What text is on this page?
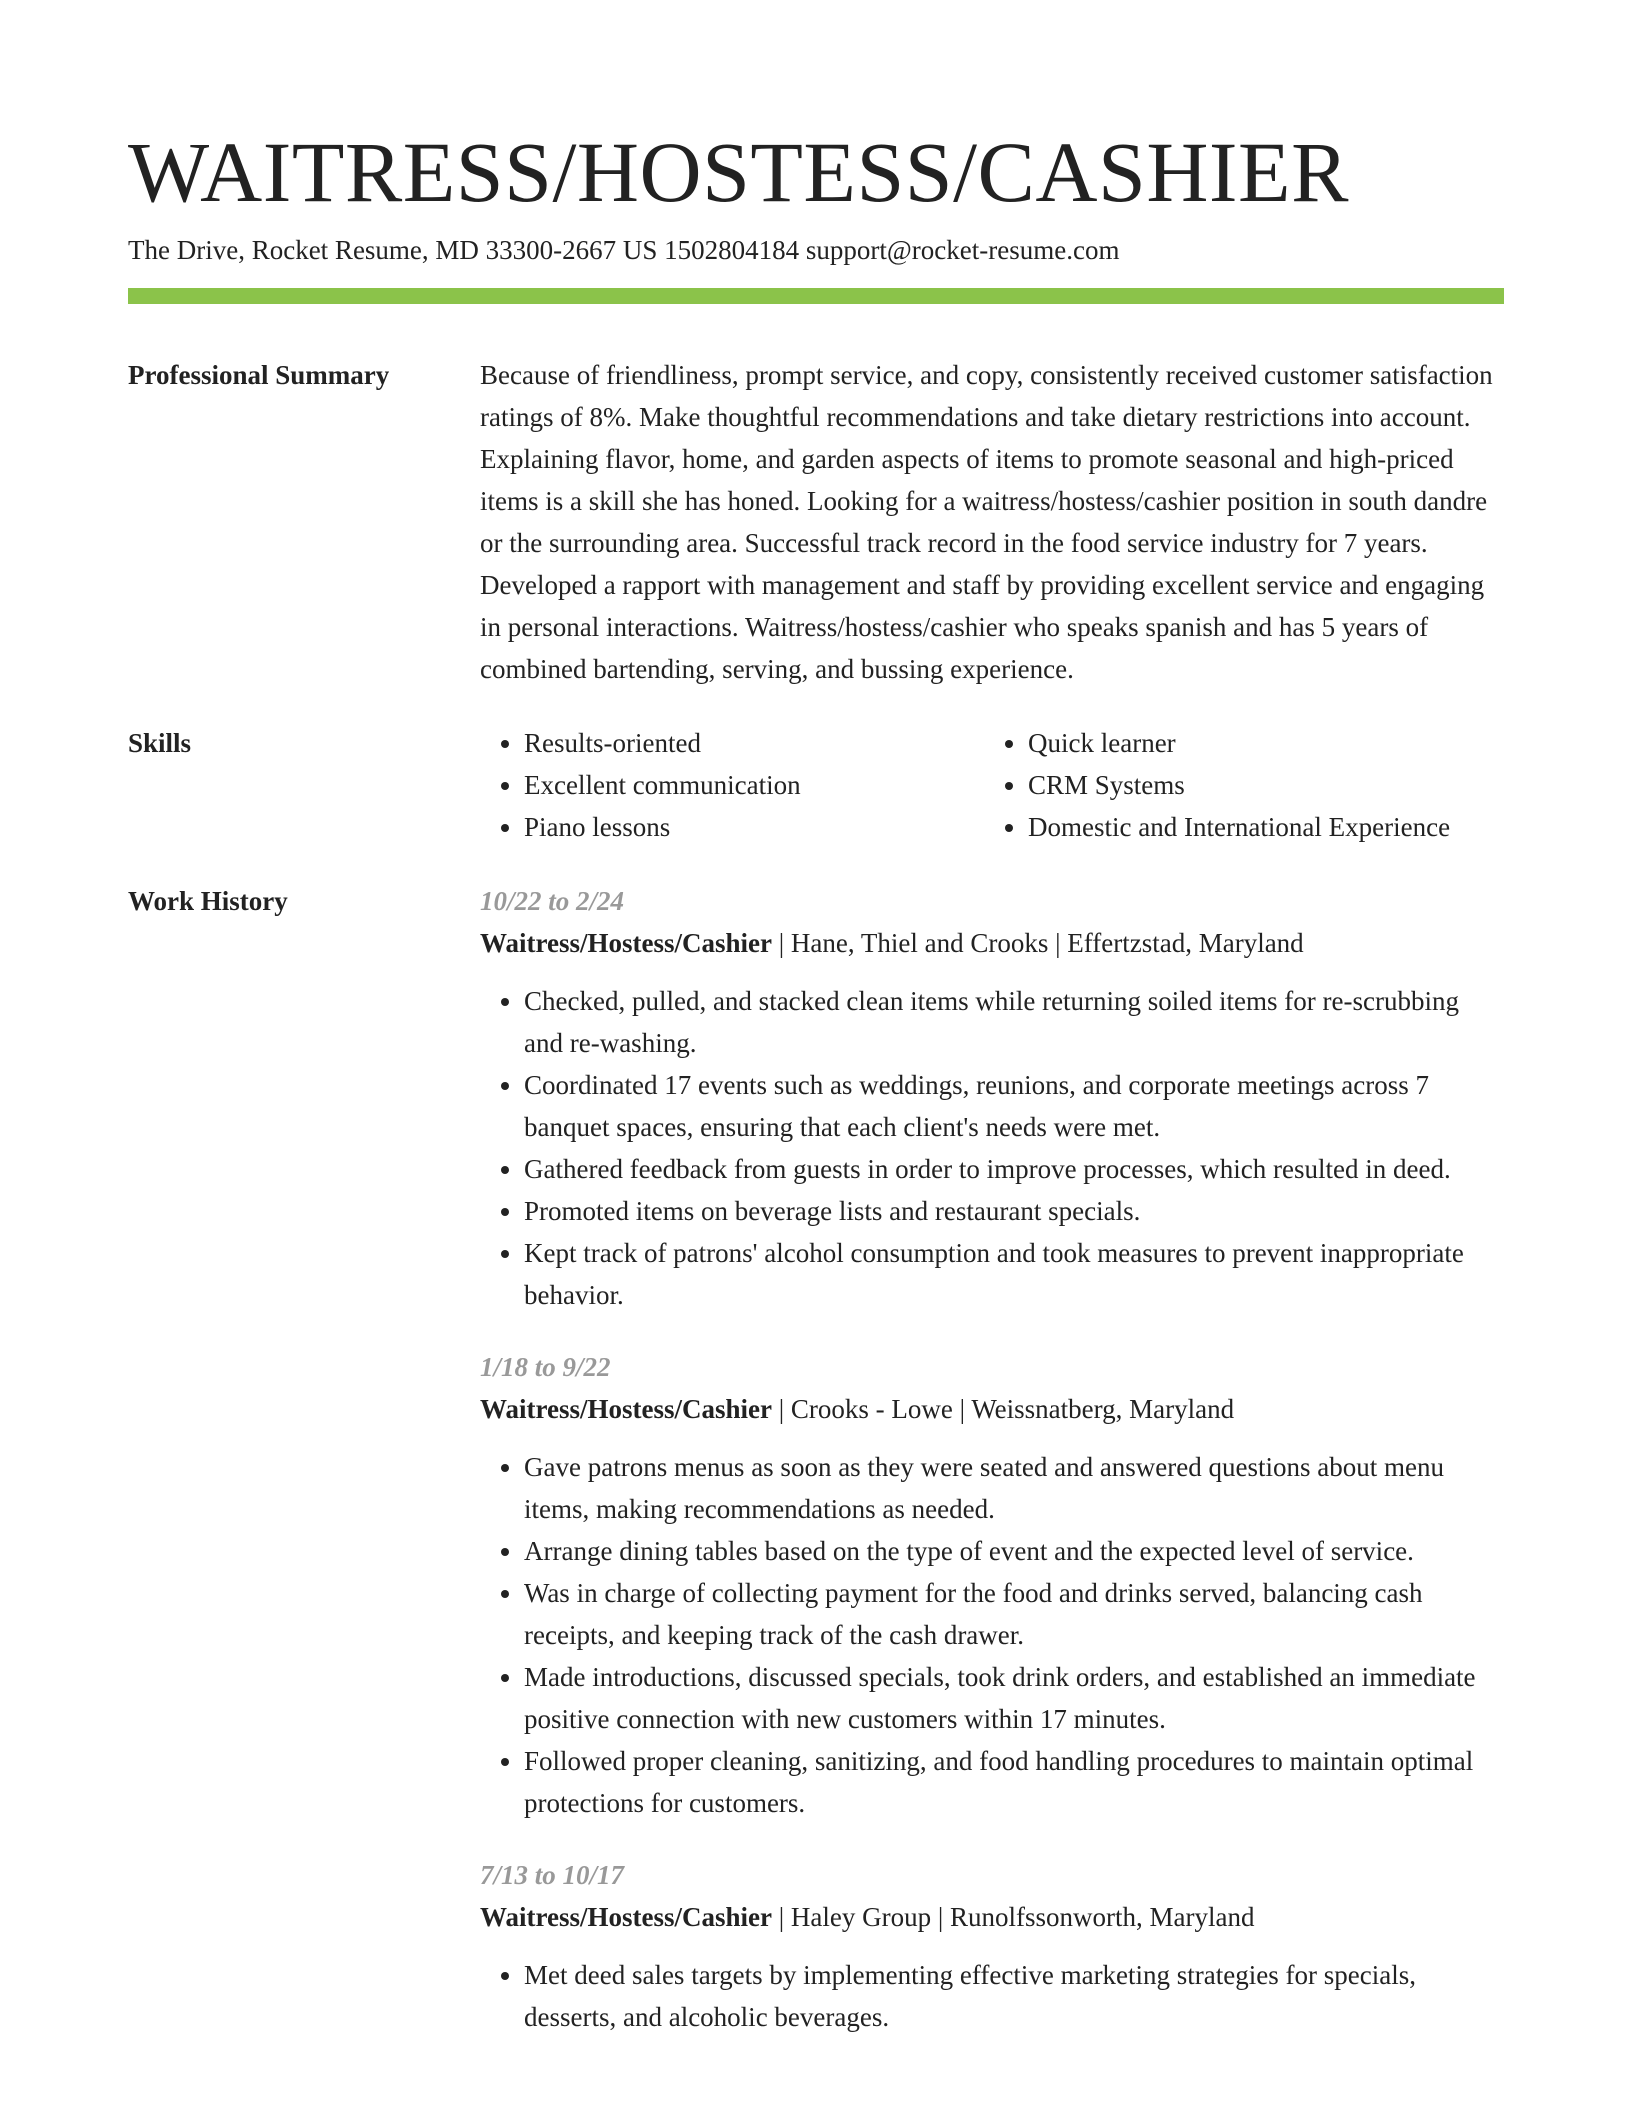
WAITRESS/HOSTESS/CASHIER
The Drive, Rocket Resume, MD 33300-2667 US 1502804184 support@rocket-resume.com
Professional Summary	Because of friendliness, prompt service, and copy, consistently received customer satisfaction ratings of 8%. Make thoughtful recommendations and take dietary restrictions into account. Explaining flavor, home, and garden aspects of items to promote seasonal and high-priced items is a skill she has honed. Looking for a waitress/hostess/cashier position in south dandre or the surrounding area. Successful track record in the food service industry for 7 years. Developed a rapport with management and staff by providing excellent service and engaging in personal interactions. Waitress/hostess/cashier who speaks spanish and has 5 years of combined bartending, serving, and bussing experience.

Skills
•	Results-oriented
• Excellent communication
• Piano lessons
• Quick learner
• CRM Systems
• Domestic and International Experience
Work History	10/22 to 2/24
Waitress/Hostess/Cashier | Hane, Thiel and Crooks | Effertzstad, Maryland
• Checked, pulled, and stacked clean items while returning soiled items for re-scrubbing and re-washing.
• Coordinated 17 events such as weddings, reunions, and corporate meetings across 7 banquet spaces, ensuring that each client's needs were met.
• Gathered feedback from guests in order to improve processes, which resulted in deed.
• Promoted items on beverage lists and restaurant specials.
• Kept track of patrons' alcohol consumption and took measures to prevent inappropriate behavior.
1/18 to 9/22
Waitress/Hostess/Cashier | Crooks - Lowe | Weissnatberg, Maryland
• Gave patrons menus as soon as they were seated and answered questions about menu items, making recommendations as needed.
• Arrange dining tables based on the type of event and the expected level of service.
• Was in charge of collecting payment for the food and drinks served, balancing cash receipts, and keeping track of the cash drawer.
• Made introductions, discussed specials, took drink orders, and established an immediate positive connection with new customers within 17 minutes.
• Followed proper cleaning, sanitizing, and food handling procedures to maintain optimal protections for customers.
7/13 to 10/17
Waitress/Hostess/Cashier | Haley Group | Runolfssonworth, Maryland
• Met deed sales targets by implementing effective marketing strategies for specials, desserts, and alcoholic beverages.
